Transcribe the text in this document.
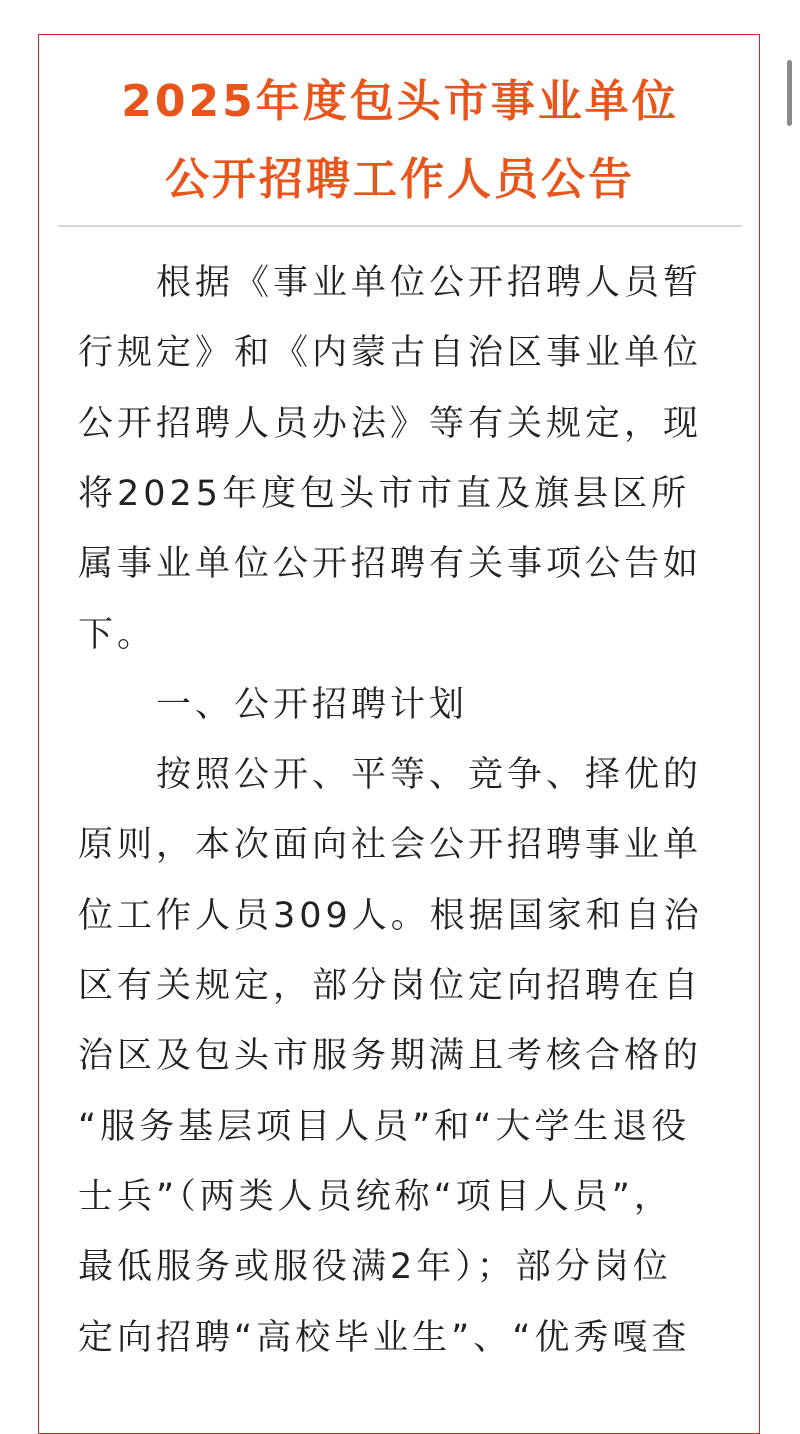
2025年度包头市事业单位
公开招聘工作人员公告
　　根据《事业单位公开招聘人员暂
行规定》和《内蒙古自治区事业单位
公开招聘人员办法》等有关规定，现
将2025年度包头市市直及旗县区所
属事业单位公开招聘有关事项公告如
下。
　　一、公开招聘计划
　　按照公开、平等、竞争、择优的
原则，本次面向社会公开招聘事业单
位工作人员309人。根据国家和自治
区有关规定，部分岗位定向招聘在自
治区及包头市服务期满且考核合格的
“服务基层项目人员”和“大学生退役
士兵”（两类人员统称“项目人员”，
最低服务或服役满2年）；部分岗位
定向招聘“高校毕业生”、“优秀嘎查
